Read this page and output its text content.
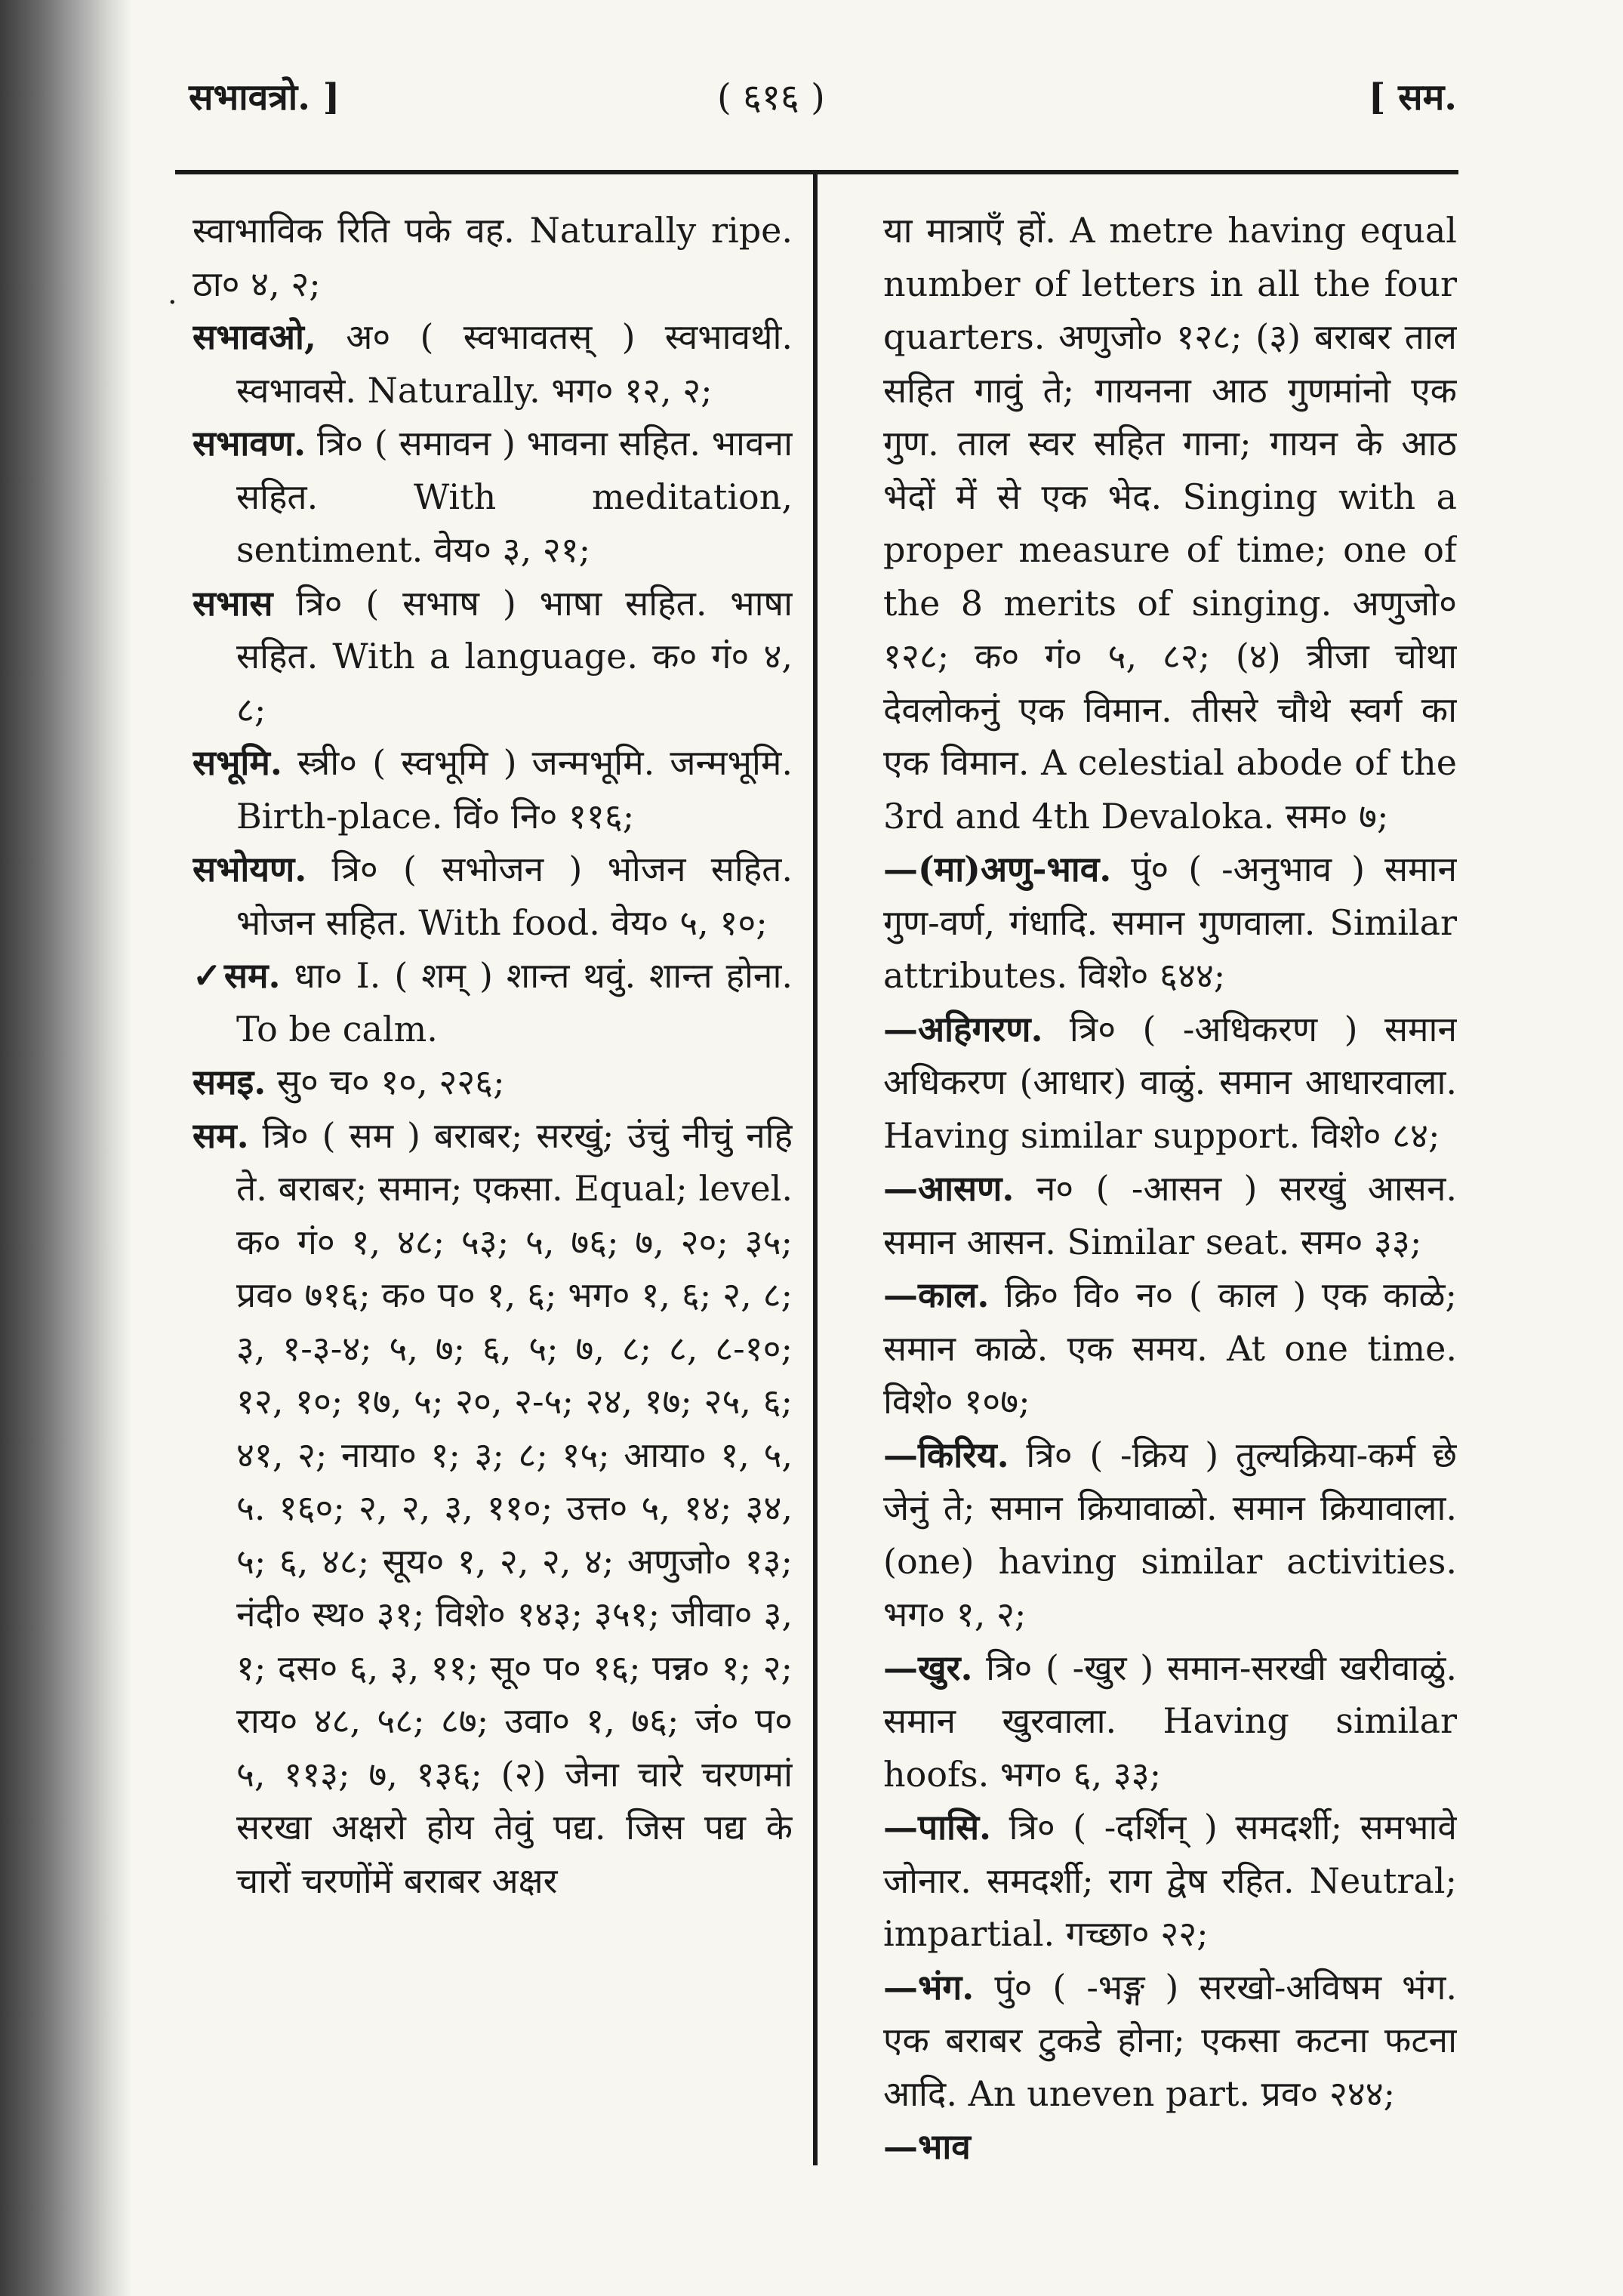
सभावत्रो. ]	( ६१६ )	[ सम.
·

स्वाभाविक रिति पके वह. Naturally ripe. ठा० ४, २;

सभावओ, अ० ( स्वभावतस् ) स्वभावथी. स्वभावसे. Naturally. भग० १२, २;

सभावण. त्रि० ( समावन ) भावना सहित. भावना सहित. With meditation, sentiment. वेय० ३, २१;

सभास त्रि० ( सभाष ) भाषा सहित. भाषा सहित. With a language. क० गं० ४, ८;

सभूमि. स्त्री० ( स्वभूमि ) जन्मभूमि. जन्मभूमि. Birth-place. विं० नि० ११६;

सभोयण. त्रि० ( सभोजन ) भोजन सहित. भोजन सहित. With food. वेय० ५, १०;

✓सम. धा० I. ( शम् ) शान्त थवुं. शान्त होना. To be calm.

समइ. सु० च० १०, २२६;

सम. त्रि० ( सम ) बराबर; सरखुं; उंचुं नीचुं नहि ते. बराबर; समान; एकसा. Equal; level. क० गं० १, ४८; ५३; ५, ७६; ७, २०; ३५; प्रव० ७१६; क० प० १, ६; भग० १, ६; २, ८; ३, १-३-४; ५, ७; ६, ५; ७, ८; ८, ८-१०; १२, १०; १७, ५; २०, २-५; २४, १७; २५, ६; ४१, २; नाया० १; ३; ८; १५; आया० १, ५, ५. १६०; २, २, ३, ११०; उत्त० ५, १४; ३४, ५; ६, ४८; सूय० १, २, २, ४; अणुजो० १३; नंदी० स्थ० ३१; विशे० १४३; ३५१; जीवा० ३, १; दस० ६, ३, ११; सू० प० १६; पन्न० १; २; राय० ४८, ५८; ८७; उवा० १, ७६; जं० प० ५, ११३; ७, १३६; (२) जेना चारे चरणमां सरखा अक्षरो होय तेवुं पद्य. जिस पद्य के चारों चरणोंमें बराबर अक्षर

या मात्राएँ हों. A metre having equal number of letters in all the four quarters. अणुजो० १२८; (३) बराबर ताल सहित गावुं ते; गायनना आठ गुणमांनो एक गुण. ताल स्वर सहित गाना; गायन के आठ भेदों में से एक भेद. Singing with a proper measure of time; one of the 8 merits of singing. अणुजो० १२८; क० गं० ५, ८२; (४) त्रीजा चोथा देवलोकनुं एक विमान. तीसरे चौथे स्वर्ग का एक विमान. A celestial abode of the 3rd and 4th Devaloka. सम० ७;

—(मा)अणु-भाव. पुं० ( -अनुभाव ) समान गुण-वर्ण, गंधादि. समान गुणवाला. Similar attributes. विशे० ६४४;

—अहिगरण. त्रि० ( -अधिकरण ) समान अधिकरण (आधार) वाळुं. समान आधारवाला. Having similar support. विशे० ८४;

—आसण. न० ( -आसन ) सरखुं आसन. समान आसन. Similar seat. सम० ३३;

—काल. क्रि० वि० न० ( काल ) एक काळे; समान काळे. एक समय. At one time. विशे० १०७;

—किरिय. त्रि० ( -क्रिय ) तुल्यक्रिया-कर्म छे जेनुं ते; समान क्रियावाळो. समान क्रियावाला. (one) having similar activities. भग० १, २;

—खुर. त्रि० ( -खुर ) समान-सरखी खरीवाळुं. समान खुरवाला. Having similar hoofs. भग० ६, ३३;

—पासि. त्रि० ( -दर्शिन् ) समदर्शी; समभावे जोनार. समदर्शी; राग द्वेष रहित. Neutral; impartial. गच्छा० २२;

—भंग. पुं० ( -भङ्ग ) सरखो-अविषम भंग. एक बराबर टुकडे होना; एकसा कटना फटना आदि. An uneven part. प्रव० २४४;

—भाव
